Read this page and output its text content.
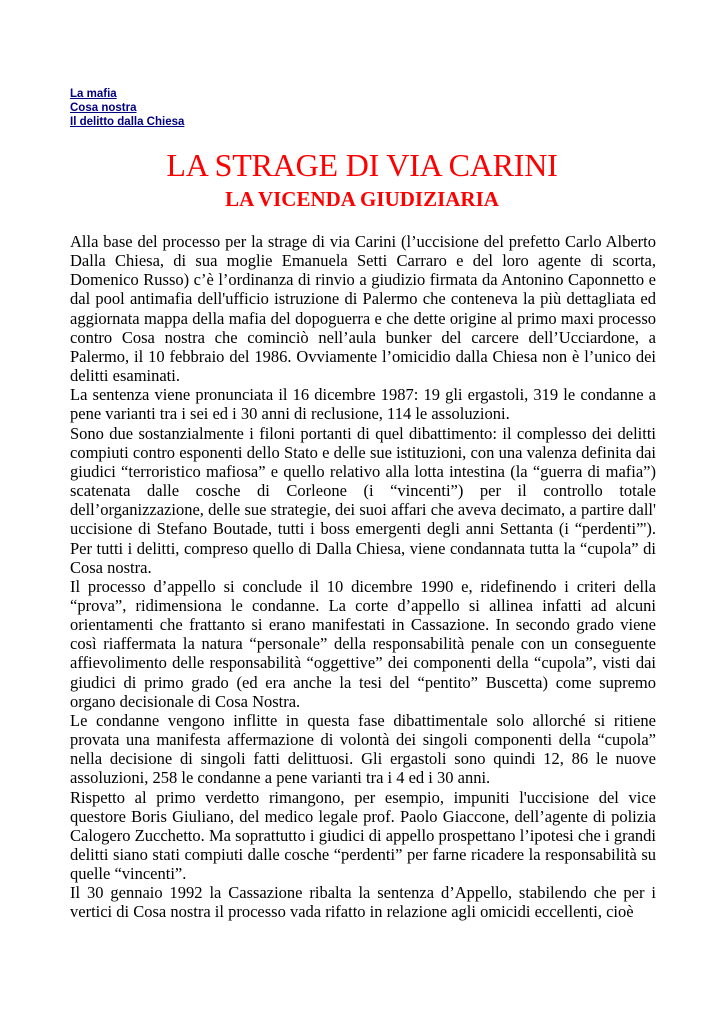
La mafia
Cosa nostra
Il delitto dalla Chiesa
LA STRAGE DI VIA CARINI
LA VICENDA GIUDIZIARIA

Alla base del processo per la strage di via Carini (l’uccisione del prefetto Carlo Alberto Dalla Chiesa, di sua moglie Emanuela Setti Carraro e del loro agente di scorta, Domenico Russo) c’è l’ordinanza di rinvio a giudizio firmata da Antonino Caponnetto e dal pool antimafia dell'ufficio istruzione di Palermo che conteneva la più dettagliata ed aggiornata mappa della mafia del dopoguerra e che dette origine al primo maxi processo contro Cosa nostra che cominciò nell’aula bunker del carcere dell’Ucciardone, a Palermo, il 10 febbraio del 1986. Ovviamente l’omicidio dalla Chiesa non è l’unico dei delitti esaminati.

La sentenza viene pronunciata il 16 dicembre 1987: 19 gli ergastoli, 319 le condanne a pene varianti tra i sei ed i 30 anni di reclusione, 114 le assoluzioni.

Sono due sostanzialmente i filoni portanti di quel dibattimento: il complesso dei delitti compiuti contro esponenti dello Stato e delle sue istituzioni, con una valenza definita dai giudici “terroristico mafiosa” e quello relativo alla lotta intestina (la “guerra di mafia”) scatenata dalle cosche di Corleone (i “vincenti”) per il controllo totale dell’organizzazione, delle sue strategie, dei suoi affari che aveva decimato, a partire dall' uccisione di Stefano Boutade, tutti i boss emergenti degli anni Settanta (i “perdenti”'). Per tutti i delitti, compreso quello di Dalla Chiesa, viene condannata tutta la “cupola” di Cosa nostra.

Il processo d’appello si conclude il 10 dicembre 1990 e, ridefinendo i criteri della “prova”, ridimensiona le condanne. La corte d’appello si allinea infatti ad alcuni orientamenti che frattanto si erano manifestati in Cassazione. In secondo grado viene così riaffermata la natura “personale” della responsabilità penale con un conseguente affievolimento delle responsabilità “oggettive” dei componenti della “cupola”, visti dai giudici di primo grado (ed era anche la tesi del “pentito” Buscetta) come supremo organo decisionale di Cosa Nostra.

Le condanne vengono inflitte in questa fase dibattimentale solo allorché si ritiene provata una manifesta affermazione di volontà dei singoli componenti della “cupola” nella decisione di singoli fatti delittuosi. Gli ergastoli sono quindi 12, 86 le nuove assoluzioni, 258 le condanne a pene varianti tra i 4 ed i 30 anni.

Rispetto al primo verdetto rimangono, per esempio, impuniti l'uccisione del vice questore Boris Giuliano, del medico legale prof. Paolo Giaccone, dell’agente di polizia Calogero Zucchetto. Ma soprattutto i giudici di appello prospettano l’ipotesi che i grandi delitti siano stati compiuti dalle cosche “perdenti” per farne ricadere la responsabilità su quelle “vincenti”.

Il 30 gennaio 1992 la Cassazione ribalta la sentenza d’Appello, stabilendo che per i vertici di Cosa nostra il processo vada rifatto in relazione agli omicidi eccellenti, cioè
